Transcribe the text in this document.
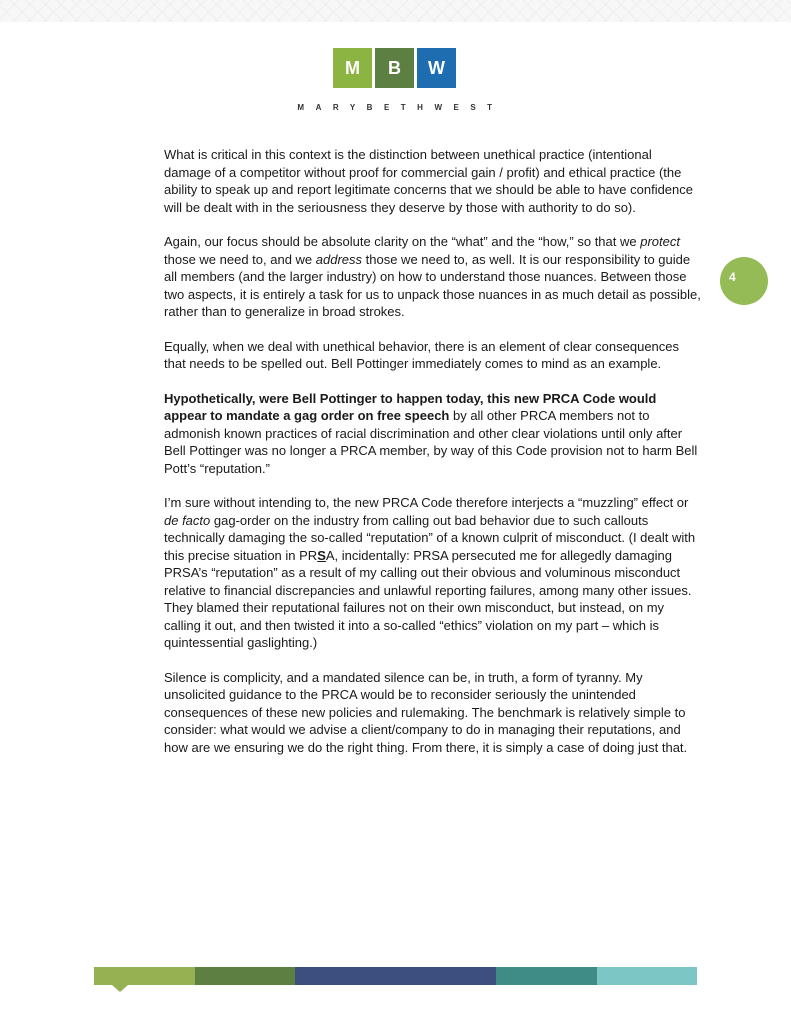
M	B	W
MARYBETHWEST
4

What is critical in this context is the distinction between unethical practice (intentional damage of a competitor without proof for commercial gain / profit) and ethical practice (the ability to speak up and report legitimate concerns that we should be able to have confidence will be dealt with in the seriousness they deserve by those with authority to do so).

Again, our focus should be absolute clarity on the “what” and the “how,” so that we protect those we need to, and we address those we need to, as well. It is our responsibility to guide all members (and the larger industry) on how to understand those nuances. Between those two aspects, it is entirely a task for us to unpack those nuances in as much detail as possible, rather than to generalize in broad strokes.

Equally, when we deal with unethical behavior, there is an element of clear consequences that needs to be spelled out. Bell Pottinger immediately comes to mind as an example.

Hypothetically, were Bell Pottinger to happen today, this new PRCA Code would appear to mandate a gag order on free speech by all other PRCA members not to admonish known practices of racial discrimination and other clear violations until only after Bell Pottinger was no longer a PRCA member, by way of this Code provision not to harm Bell Pott’s “reputation.”

I’m sure without intending to, the new PRCA Code therefore interjects a “muzzling” effect or de facto gag-order on the industry from calling out bad behavior due to such callouts technically damaging the so-called “reputation” of a known culprit of misconduct. (I dealt with this precise situation in PRSA, incidentally: PRSA persecuted me for allegedly damaging PRSA’s “reputation” as a result of my calling out their obvious and voluminous misconduct relative to financial discrepancies and unlawful reporting failures, among many other issues. They blamed their reputational failures not on their own misconduct, but instead, on my calling it out, and then twisted it into a so-called “ethics” violation on my part – which is quintessential gaslighting.)

Silence is complicity, and a mandated silence can be, in truth, a form of tyranny. My unsolicited guidance to the PRCA would be to reconsider seriously the unintended consequences of these new policies and rulemaking. The benchmark is relatively simple to consider: what would we advise a client/company to do in managing their reputations, and how are we ensuring we do the right thing. From there, it is simply a case of doing just that.
